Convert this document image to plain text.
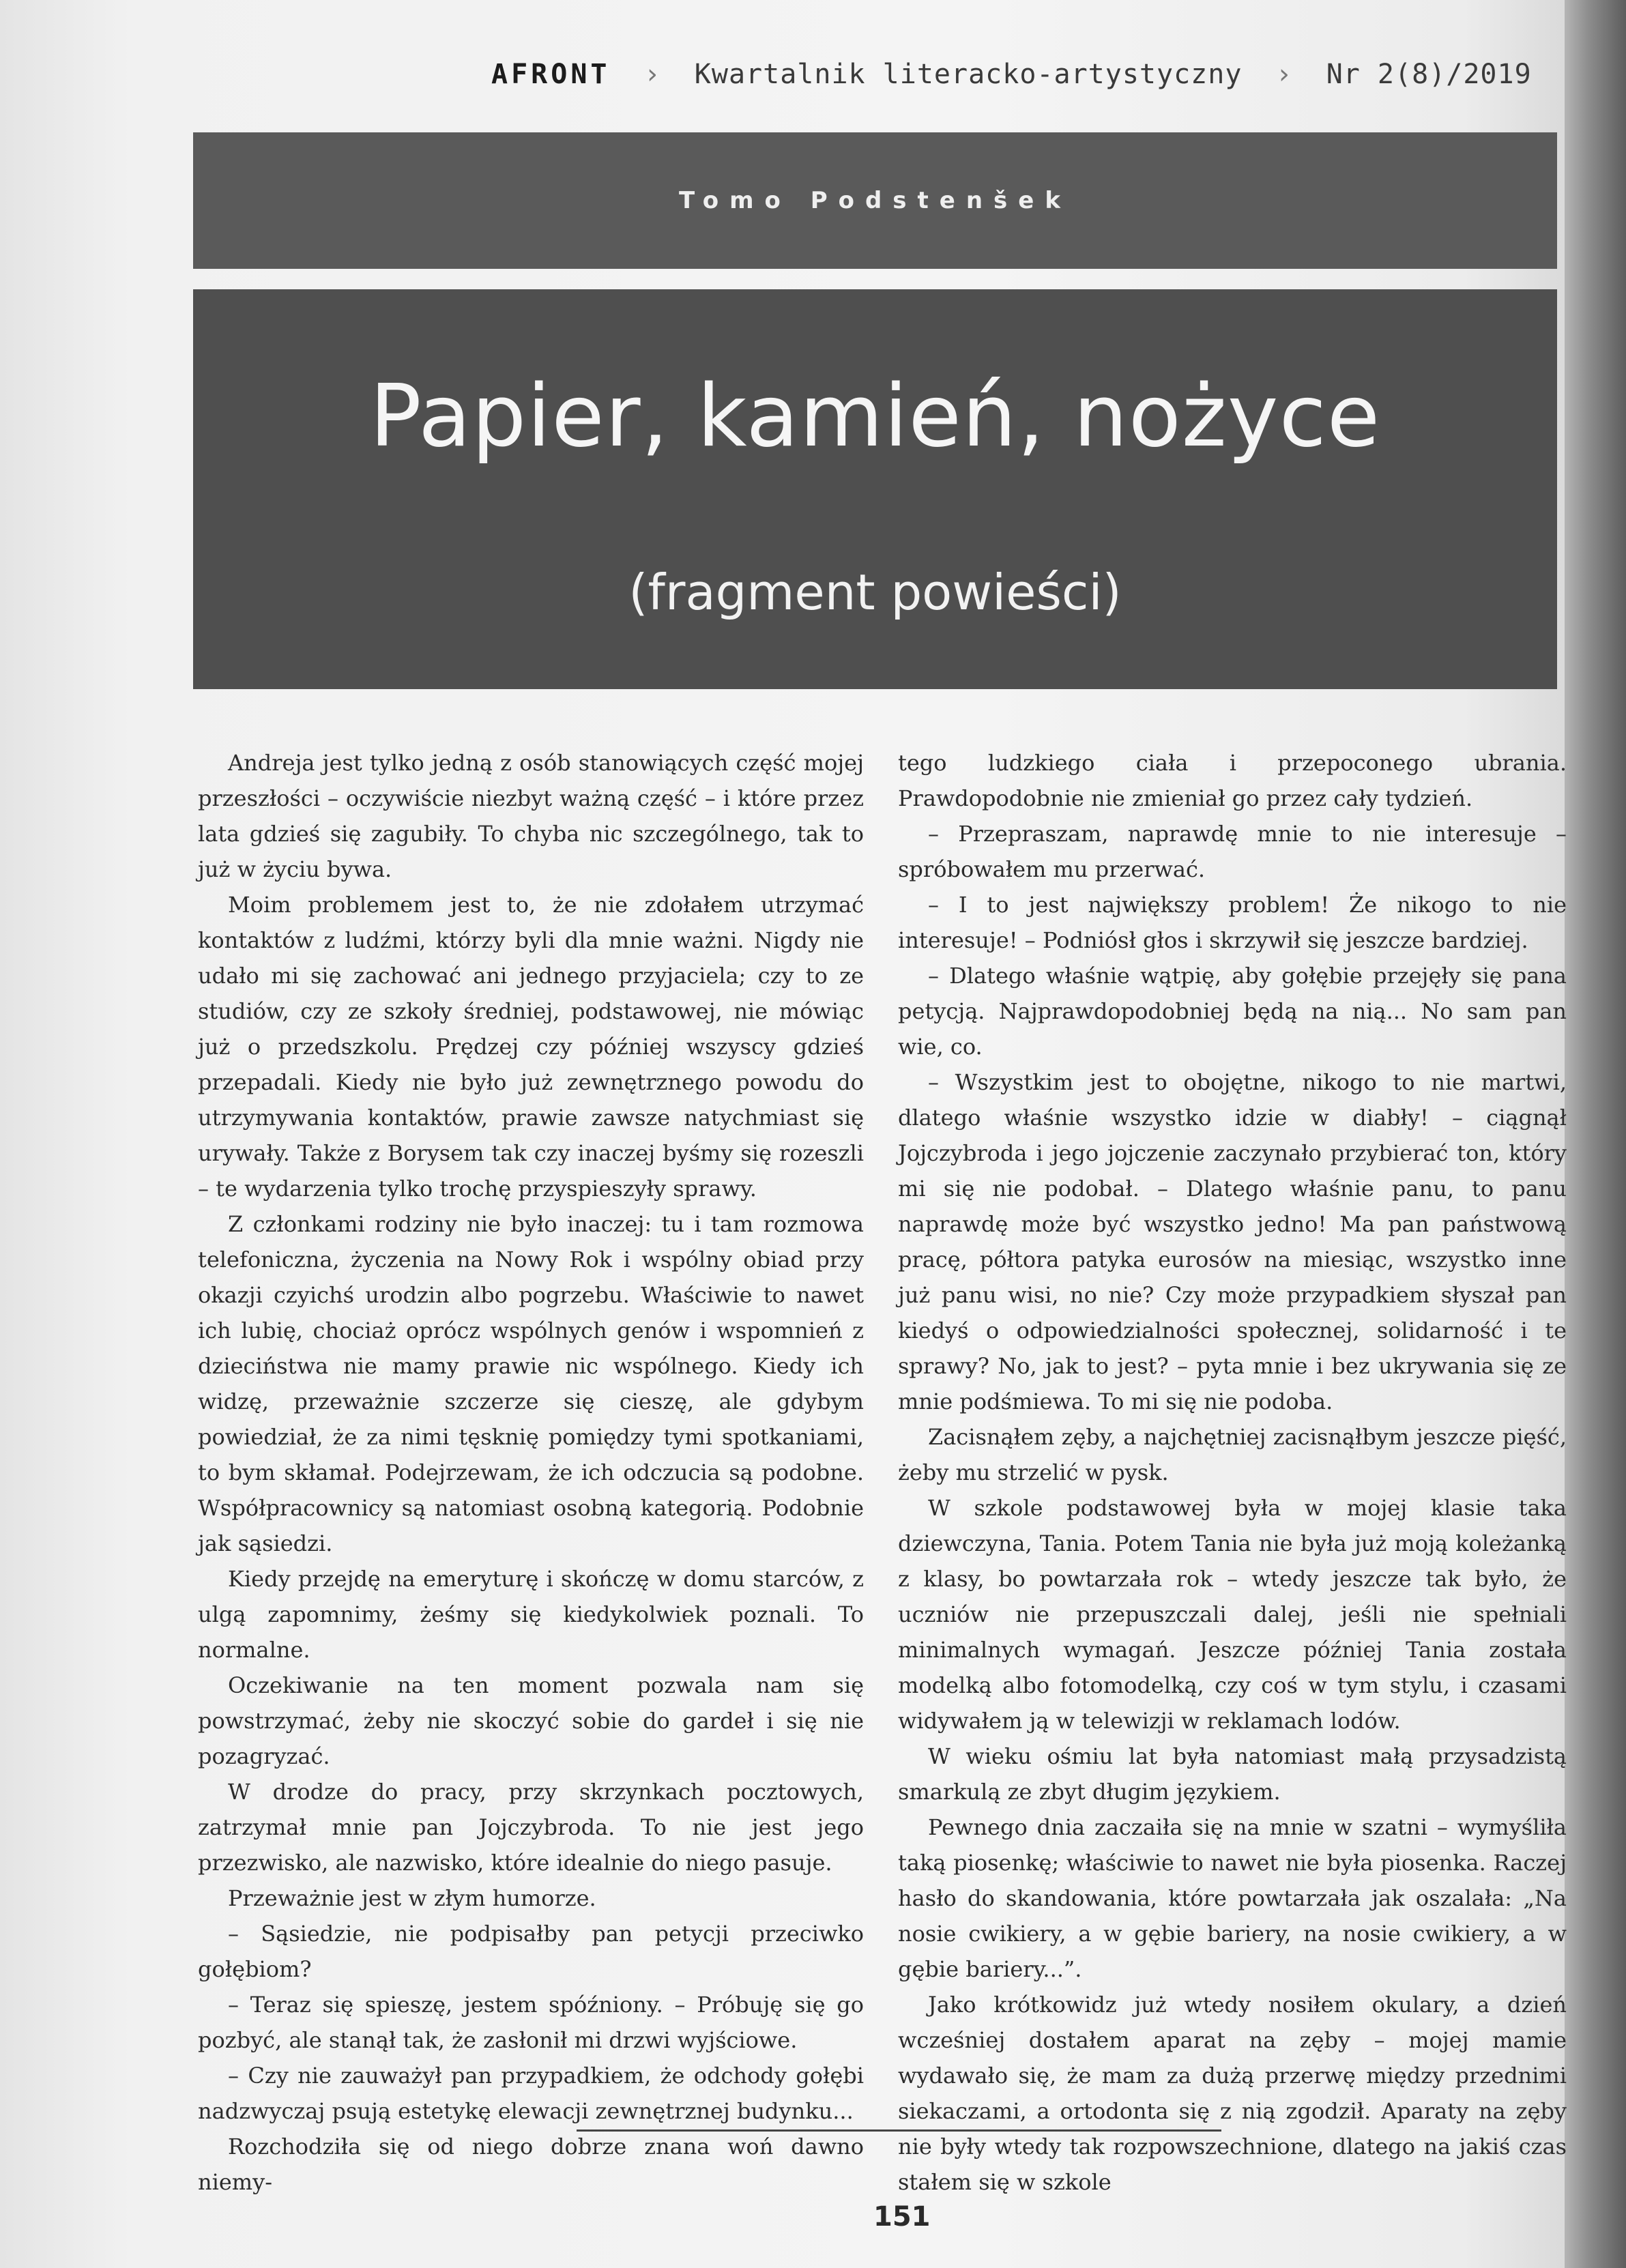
AFRONT › Kwartalnik literacko-artystyczny › Nr 2(8)/2019
Tomo Podstenšek
Papier, kamień, nożyce
(fragment powieści)

Andreja jest tylko jedną z osób stanowiących część mojej przeszłości – oczywiście niezbyt ważną część – i które przez lata gdzieś się zagubiły. To chyba nic szczególnego, tak to już w życiu bywa.

Moim problemem jest to, że nie zdołałem utrzymać kontaktów z ludźmi, którzy byli dla mnie ważni. Nigdy nie udało mi się zachować ani jednego przyjaciela; czy to ze studiów, czy ze szkoły średniej, podstawowej, nie mówiąc już o przedszkolu. Prędzej czy później wszyscy gdzieś przepadali. Kiedy nie było już zewnętrznego powodu do utrzymywania kontaktów, prawie zawsze natychmiast się urywały. Także z Borysem tak czy inaczej byśmy się rozeszli – te wydarzenia tylko trochę przyspieszyły sprawy.

Z członkami rodziny nie było inaczej: tu i tam rozmowa telefoniczna, życzenia na Nowy Rok i wspólny obiad przy okazji czyichś urodzin albo pogrzebu. Właściwie to nawet ich lubię, chociaż oprócz wspólnych genów i wspomnień z dzieciństwa nie mamy prawie nic wspólnego. Kiedy ich widzę, przeważnie szczerze się cieszę, ale gdybym powiedział, że za nimi tęsknię pomiędzy tymi spotkaniami, to bym skłamał. Podejrzewam, że ich odczucia są podobne. Współpracownicy są natomiast osobną kategorią. Podobnie jak sąsiedzi.

Kiedy przejdę na emeryturę i skończę w domu starców, z ulgą zapomnimy, żeśmy się kiedykolwiek poznali. To normalne.

Oczekiwanie na ten moment pozwala nam się powstrzymać, żeby nie skoczyć sobie do gardeł i się nie pozagryzać.

W drodze do pracy, przy skrzynkach pocztowych, zatrzymał mnie pan Jojczybroda. To nie jest jego przezwisko, ale nazwisko, które idealnie do niego pasuje.

Przeważnie jest w złym humorze.

– Sąsiedzie, nie podpisałby pan petycji przeciwko gołębiom?

– Teraz się spieszę, jestem spóźniony. – Próbuję się go pozbyć, ale stanął tak, że zasłonił mi drzwi wyjściowe.

– Czy nie zauważył pan przypadkiem, że odchody gołębi nadzwyczaj psują estetykę elewacji zewnętrznej budynku...

Rozchodziła się od niego dobrze znana woń dawno niemy-

tego ludzkiego ciała i przepoconego ubrania. Prawdopodobnie nie zmieniał go przez cały tydzień.

– Przepraszam, naprawdę mnie to nie interesuje – spróbowałem mu przerwać.

– I to jest największy problem! Że nikogo to nie interesuje! – Podniósł głos i skrzywił się jeszcze bardziej.

– Dlatego właśnie wątpię, aby gołębie przejęły się pana petycją. Najprawdopodobniej będą na nią... No sam pan wie, co.

– Wszystkim jest to obojętne, nikogo to nie martwi, dlatego właśnie wszystko idzie w diabły! – ciągnął Jojczybroda i jego jojczenie zaczynało przybierać ton, który mi się nie podobał. – Dlatego właśnie panu, to panu naprawdę może być wszystko jedno! Ma pan państwową pracę, półtora patyka eurosów na miesiąc, wszystko inne już panu wisi, no nie? Czy może przypadkiem słyszał pan kiedyś o odpowiedzialności społecznej, solidarność i te sprawy? No, jak to jest? – pyta mnie i bez ukrywania się ze mnie podśmiewa. To mi się nie podoba.

Zacisnąłem zęby, a najchętniej zacisnąłbym jeszcze pięść, żeby mu strzelić w pysk.

W szkole podstawowej była w mojej klasie taka dziewczyna, Tania. Potem Tania nie była już moją koleżanką z klasy, bo powtarzała rok – wtedy jeszcze tak było, że uczniów nie przepuszczali dalej, jeśli nie spełniali minimalnych wymagań. Jeszcze później Tania została modelką albo fotomodelką, czy coś w tym stylu, i czasami widywałem ją w telewizji w reklamach lodów.

W wieku ośmiu lat była natomiast małą przysadzistą smarkulą ze zbyt długim językiem.

Pewnego dnia zaczaiła się na mnie w szatni – wymyśliła taką piosenkę; właściwie to nawet nie była piosenka. Raczej hasło do skandowania, które powtarzała jak oszalała: „Na nosie cwikiery, a w gębie bariery, na nosie cwikiery, a w gębie bariery...”.

Jako krótkowidz już wtedy nosiłem okulary, a dzień wcześniej dostałem aparat na zęby – mojej mamie wydawało się, że mam za dużą przerwę między przednimi siekaczami, a ortodonta się z nią zgodził. Aparaty na zęby nie były wtedy tak rozpowszechnione, dlatego na jakiś czas stałem się w szkole

151
